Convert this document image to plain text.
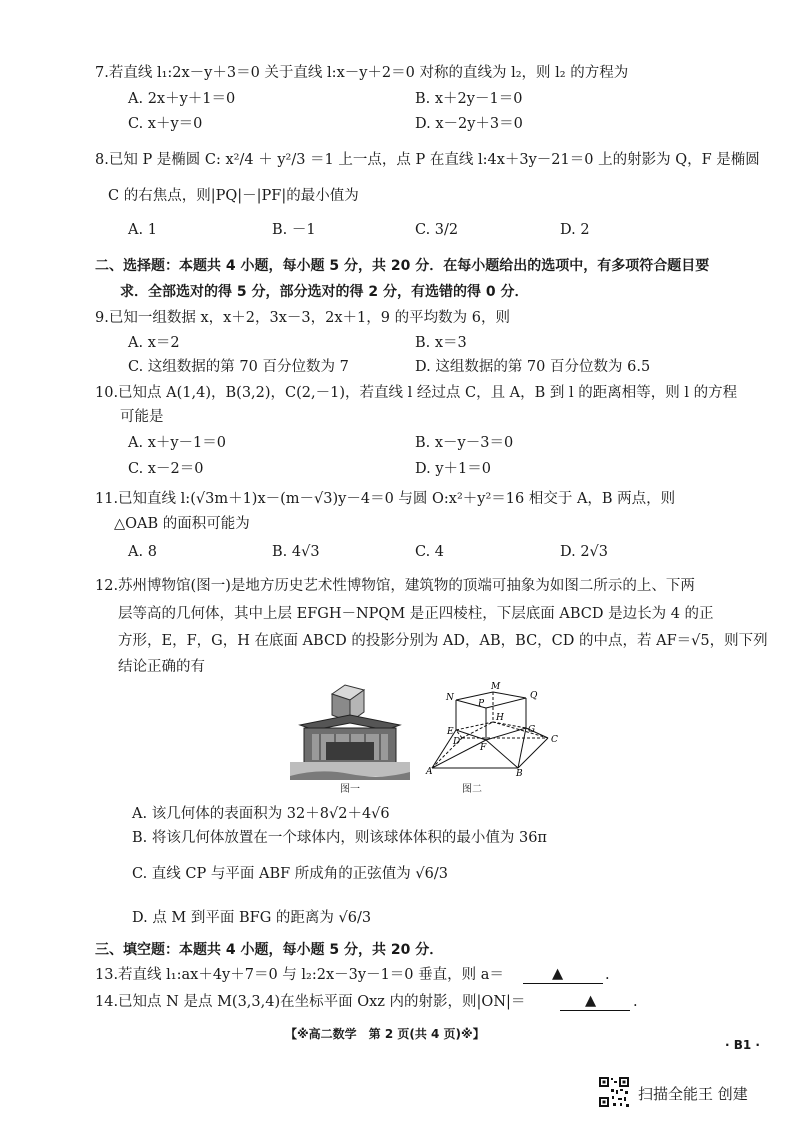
7.若直线 l₁:2x－y＋3＝0 关于直线 l:x－y＋2＝0 对称的直线为 l₂，则 l₂ 的方程为
A. 2x＋y＋1＝0	B. x＋2y－1＝0
C. x＋y＝0	D. x－2y＋3＝0
8.已知 P 是椭圆 C: x²/4 ＋ y²/3 ＝1 上一点，点 P 在直线 l:4x＋3y－21＝0 上的射影为 Q，F 是椭圆
C 的右焦点，则|PQ|－|PF|的最小值为
A. 1	B. －1	C. 3/2	D. 2
二、选择题：本题共 4 小题，每小题 5 分，共 20 分．在每小题给出的选项中，有多项符合题目要
求．全部选对的得 5 分，部分选对的得 2 分，有选错的得 0 分．
9.已知一组数据 x，x＋2，3x－3，2x＋1，9 的平均数为 6，则
A. x＝2	B. x＝3
C. 这组数据的第 70 百分位数为 7	D. 这组数据的第 70 百分位数为 6.5
10.已知点 A(1,4)，B(3,2)，C(2,－1)，若直线 l 经过点 C，且 A，B 到 l 的距离相等，则 l 的方程
可能是
A. x＋y－1＝0	B. x－y－3＝0
C. x－2＝0	D. y＋1＝0
11.已知直线 l:(√3m＋1)x－(m－√3)y－4＝0 与圆 O:x²＋y²＝16 相交于 A，B 两点，则
△OAB 的面积可能为
A. 8	B. 4√3	C. 4	D. 2√3
12.苏州博物馆(图一)是地方历史艺术性博物馆，建筑物的顶端可抽象为如图二所示的上、下两
层等高的几何体，其中上层 EFGH－NPQM 是正四棱柱，下层底面 ABCD 是边长为 4 的正
方形，E，F，G，H 在底面 ABCD 的投影分别为 AD，AB，BC，CD 的中点，若 AF＝√5，则下列
结论正确的有
图一
N
M
Q
P
H
E	G
D
F
C
A	B
图二
A. 该几何体的表面积为 32＋8√2＋4√6
B. 将该几何体放置在一个球体内，则该球体体积的最小值为 36π
C. 直线 CP 与平面 ABF 所成角的正弦值为 √6/3
D. 点 M 到平面 BFG 的距离为 √6/3
三、填空题：本题共 4 小题，每小题 5 分，共 20 分．
13.若直线 l₁:ax＋4y＋7＝0 与 l₂:2x－3y－1＝0 垂直，则 a＝	▲	.
14.已知点 N 是点 M(3,3,4)在坐标平面 Oxz 内的射影，则|ON|＝	▲	.
【※高二数学　第 2 页(共 4 页)※】
· B1 ·
扫描全能王 创建
